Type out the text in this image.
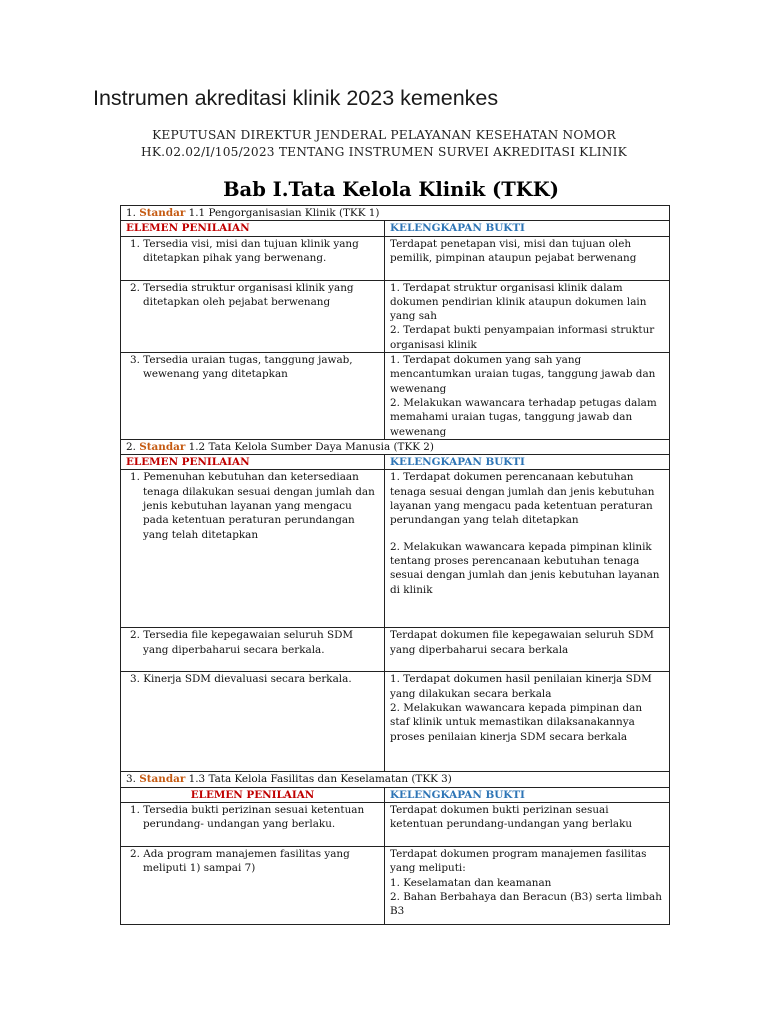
Instrumen akreditasi klinik 2023 kemenkes
KEPUTUSAN DIREKTUR JENDERAL PELAYANAN KESEHATAN NOMOR HK.02.02/I/105/2023 TENTANG INSTRUMEN SURVEI AKREDITASI KLINIK
Bab I.Tata Kelola Klinik (TKK)
1. Standar 1.1 Pengorganisasian Klinik (TKK 1)	
ELEMEN PENILAIAN	KELENGKAPAN BUKTI

1. Tersedia visi, misi dan tujuan klinik yang ditetapkan pihak yang berwenang.	Terdapat penetapan visi, misi dan tujuan oleh pemilik, pimpinan ataupun pejabat berwenang

2. Tersedia struktur organisasi klinik yang ditetapkan oleh pejabat berwenang	1. Terdapat struktur organisasi klinik dalam dokumen pendirian klinik ataupun dokumen lain yang sah
2. Terdapat bukti penyampaian informasi struktur organisasi klinik

3. Tersedia uraian tugas, tanggung jawab, wewenang yang ditetapkan	1. Terdapat dokumen yang sah yang mencantumkan uraian tugas, tanggung jawab dan wewenang
2. Melakukan wawancara terhadap petugas dalam memahami uraian tugas, tanggung jawab dan wewenang

2. Standar 1.2 Tata Kelola Sumber Daya Manusia (TKK 2)	
ELEMEN PENILAIAN	KELENGKAPAN BUKTI

1. Pemenuhan kebutuhan dan ketersediaan tenaga dilakukan sesuai dengan jumlah dan jenis kebutuhan layanan yang mengacu pada ketentuan peraturan perundangan yang telah ditetapkan	1. Terdapat dokumen perencanaan kebutuhan tenaga sesuai dengan jumlah dan jenis kebutuhan layanan yang mengacu pada ketentuan peraturan perundangan yang telah ditetapkan
2. Melakukan wawancara kepada pimpinan klinik tentang proses perencanaan kebutuhan tenaga sesuai dengan jumlah dan jenis kebutuhan layanan di klinik

2. Tersedia file kepegawaian seluruh SDM yang diperbaharui secara berkala.	Terdapat dokumen file kepegawaian seluruh SDM yang diperbaharui secara berkala

3. Kinerja SDM dievaluasi secara berkala.	1. Terdapat dokumen hasil penilaian kinerja SDM yang dilakukan secara berkala
2. Melakukan wawancara kepada pimpinan dan staf klinik untuk memastikan dilaksanakannya proses penilaian kinerja SDM secara berkala

3. Standar 1.3 Tata Kelola Fasilitas dan Keselamatan (TKK 3)	
ELEMEN PENILAIAN	KELENGKAPAN BUKTI

1. Tersedia bukti perizinan sesuai ketentuan perundang- undangan yang berlaku.	Terdapat dokumen bukti perizinan sesuai ketentuan perundang-undangan yang berlaku

2. Ada program manajemen fasilitas yang meliputi 1) sampai 7)	Terdapat dokumen program manajemen fasilitas yang meliputi:
1. Keselamatan dan keamanan
2. Bahan Berbahaya dan Beracun (B3) serta limbah B3
